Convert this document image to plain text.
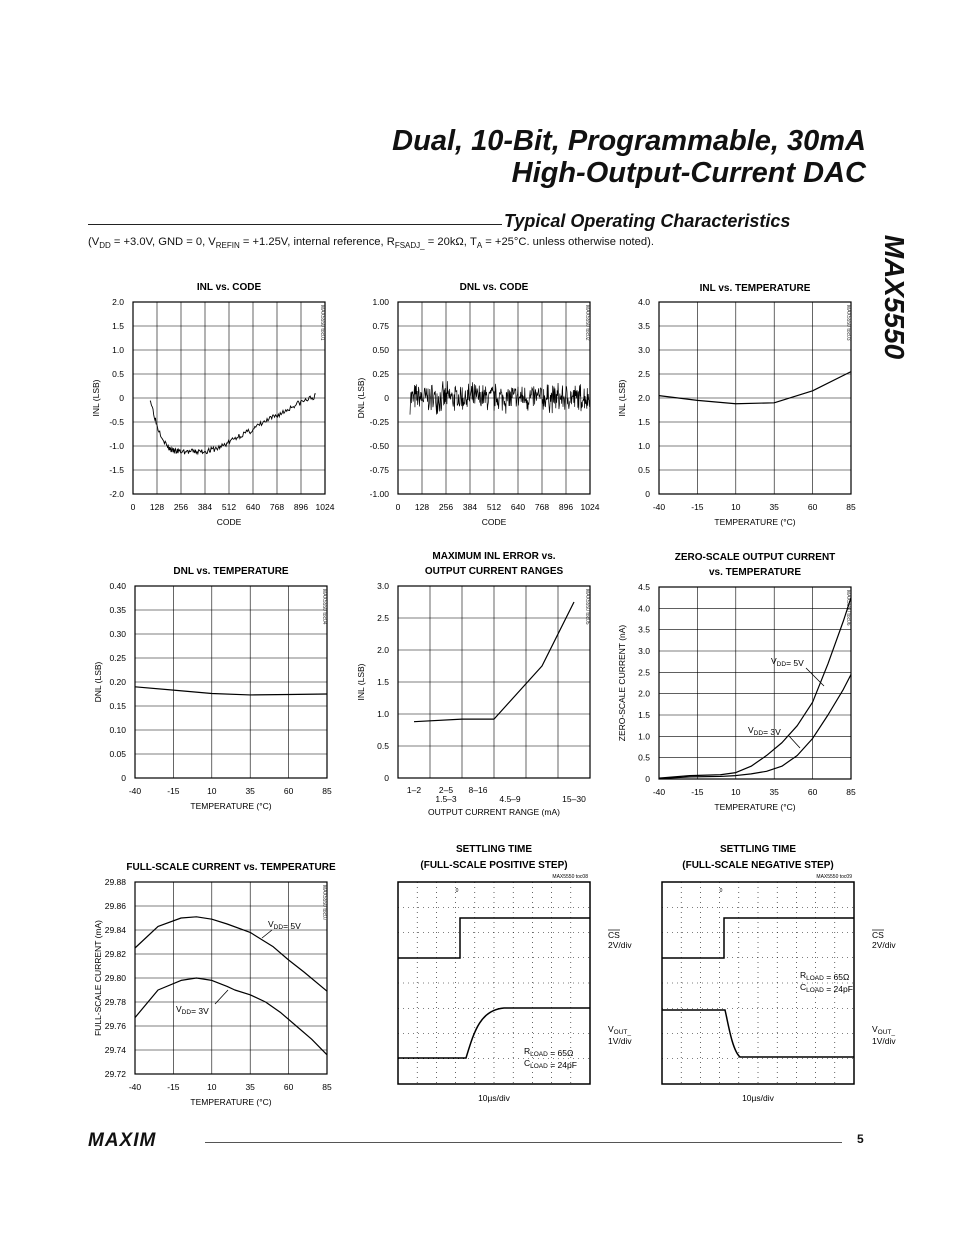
Dual, 10-Bit, Programmable, 30mA
High-Output-Current DAC
MAX5550
Typical Operating Characteristics
($V_{DD} = +3.0V$, GND = 0, $V_{REFIN} = +1.25V$, internal reference, $R_{FSADJ\_} = 20k\Omega$, $T_A = +25^\circ C$. unless otherwise noted).
INL vs. CODE
2.0
1.5
1.0
0.5
0
-0.5
-1.0
-1.5
-2.0
0 128 256 384 512 640 768 896 1024
CODE
INL (LSB)
MAX5550 toc01
DNL vs. CODE
1.00
0.75
0.50
0.25
0
-0.25
-0.50
-0.75
-1.00
0 128 256 384 512 640 768 896 1024
CODE
DNL (LSB)
MAX5550 toc02
INL vs. TEMPERATURE
4.0
3.5
3.0
2.5
2.0
1.5
1.0
0.5
0
-40	-15	10	35	60	85
TEMPERATURE (°C)
INL (LSB)
MAX5550 toc03
DNL vs. TEMPERATURE
0.40
0.35
0.30
0.25
0.20
0.15
0.10
0.05
0
-40	-15	10	35	60	85
TEMPERATURE (°C)
DNL (LSB)
MAX5550 toc04
MAXIMUM INL ERROR vs.
OUTPUT CURRENT RANGES
3.0
2.5
2.0
1.5
1.0
0.5
0
1–2 2–5 8–16
1.5–3	4.5–9	15–30
OUTPUT CURRENT RANGE (mA)
INL (LSB)
MAX5550 toc05
ZERO-SCALE OUTPUT CURRENT
vs. TEMPERATURE
4.5
4.0
3.5
3.0
2.5
2.0
1.5
1.0
0.5
0
-40	-15	10	35	60	85
TEMPERATURE (°C)
ZERO-SCALE CURRENT (nA)
MAX5550 toc06
$V_{DD}= 5V$
$V_{DD}= 3V$
FULL-SCALE CURRENT vs. TEMPERATURE
29.88
29.86
29.84
29.82
29.80
29.78
29.76
29.74
29.72
-40	-15	10	35	60	85
TEMPERATURE (°C)
FULL-SCALE CURRENT (mA)
MAX5550 toc07
$V_{DD}= 5V$
$V_{DD}= 3V$
SETTLING TIME
(FULL-SCALE POSITIVE STEP)
MAX5550 toc08
0
CS
2V/div
$V_{OUT\_}$
1V/div
$R_{LOAD} = 65\Omega$
$C_{LOAD} = 24pF$
10µs/div
SETTLING TIME
(FULL-SCALE NEGATIVE STEP)
MAX5550 toc09
0
CS
2V/div
$V_{OUT\_}$
1V/div
$R_{LOAD} = 65\Omega$
$C_{LOAD} = 24pF$
10µs/div
MAXIM	5
